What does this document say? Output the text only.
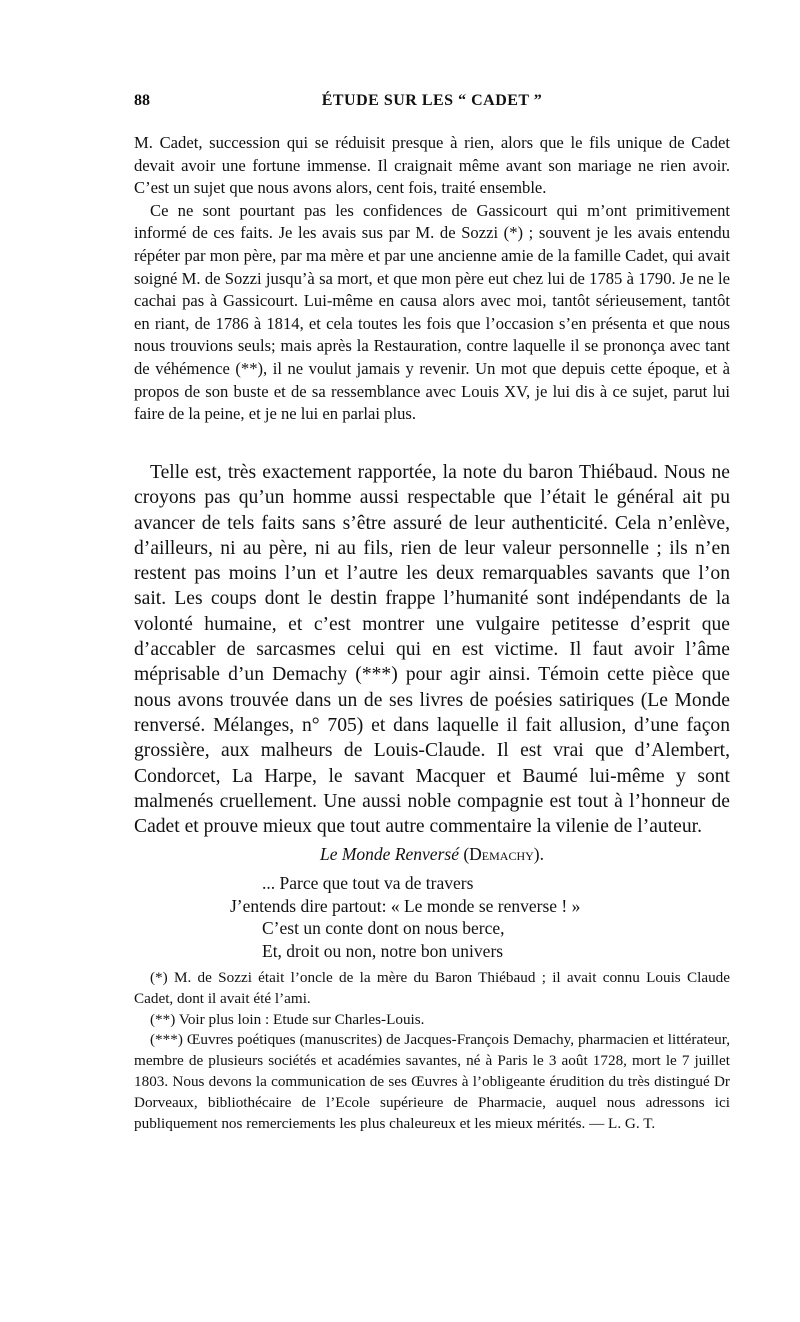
88	ÉTUDE SUR LES “ CADET ”

M. Cadet, succession qui se réduisit presque à rien, alors que le fils unique de Cadet devait avoir une fortune immense. Il craignait même avant son mariage ne rien avoir. C’est un sujet que nous avons alors, cent fois, traité ensemble.

Ce ne sont pourtant pas les confidences de Gassicourt qui m’ont primitivement informé de ces faits. Je les avais sus par M. de Sozzi (*) ; souvent je les avais entendu répéter par mon père, par ma mère et par une ancienne amie de la famille Cadet, qui avait soigné M. de Sozzi jusqu’à sa mort, et que mon père eut chez lui de 1785 à 1790. Je ne le cachai pas à Gassicourt. Lui-même en causa alors avec moi, tantôt sérieusement, tantôt en riant, de 1786 à 1814, et cela toutes les fois que l’occasion s’en présenta et que nous nous trouvions seuls; mais après la Restauration, contre laquelle il se prononça avec tant de véhémence (**), il ne voulut jamais y revenir. Un mot que depuis cette époque, et à propos de son buste et de sa ressemblance avec Louis XV, je lui dis à ce sujet, parut lui faire de la peine, et je ne lui en parlai plus.

Telle est, très exactement rapportée, la note du baron Thiébaud. Nous ne croyons pas qu’un homme aussi respectable que l’était le général ait pu avancer de tels faits sans s’être assuré de leur authenticité. Cela n’enlève, d’ailleurs, ni au père, ni au fils, rien de leur valeur personnelle ; ils n’en restent pas moins l’un et l’autre les deux remarquables savants que l’on sait. Les coups dont le destin frappe l’humanité sont indépendants de la volonté humaine, et c’est montrer une vulgaire petitesse d’esprit que d’accabler de sarcasmes celui qui en est victime. Il faut avoir l’âme méprisable d’un Demachy (***) pour agir ainsi. Témoin cette pièce que nous avons trouvée dans un de ses livres de poésies satiriques (Le Monde renversé. Mélanges, n° 705) et dans laquelle il fait allusion, d’une façon grossière, aux malheurs de Louis-Claude. Il est vrai que d’Alembert, Condorcet, La Harpe, le savant Macquer et Baumé lui-même y sont malmenés cruellement. Une aussi noble compagnie est tout à l’honneur de Cadet et prouve mieux que tout autre commentaire la vilenie de l’auteur.

Le Monde Renversé (Demachy).
... Parce que tout va de travers
J’entends dire partout: « Le monde se renverse ! »
C’est un conte dont on nous berce,
Et, droit ou non, notre bon univers

(*) M. de Sozzi était l’oncle de la mère du Baron Thiébaud ; il avait connu Louis Claude Cadet, dont il avait été l’ami.

(**) Voir plus loin : Etude sur Charles-Louis.

(***) Œuvres poétiques (manuscrites) de Jacques-François Demachy, pharmacien et littérateur, membre de plusieurs sociétés et académies savantes, né à Paris le 3 août 1728, mort le 7 juillet 1803. Nous devons la communication de ses Œuvres à l’obligeante érudition du très distingué Dr Dorveaux, bibliothécaire de l’Ecole supérieure de Pharmacie, auquel nous adressons ici publiquement nos remerciements les plus chaleureux et les mieux mérités. — L. G. T.
